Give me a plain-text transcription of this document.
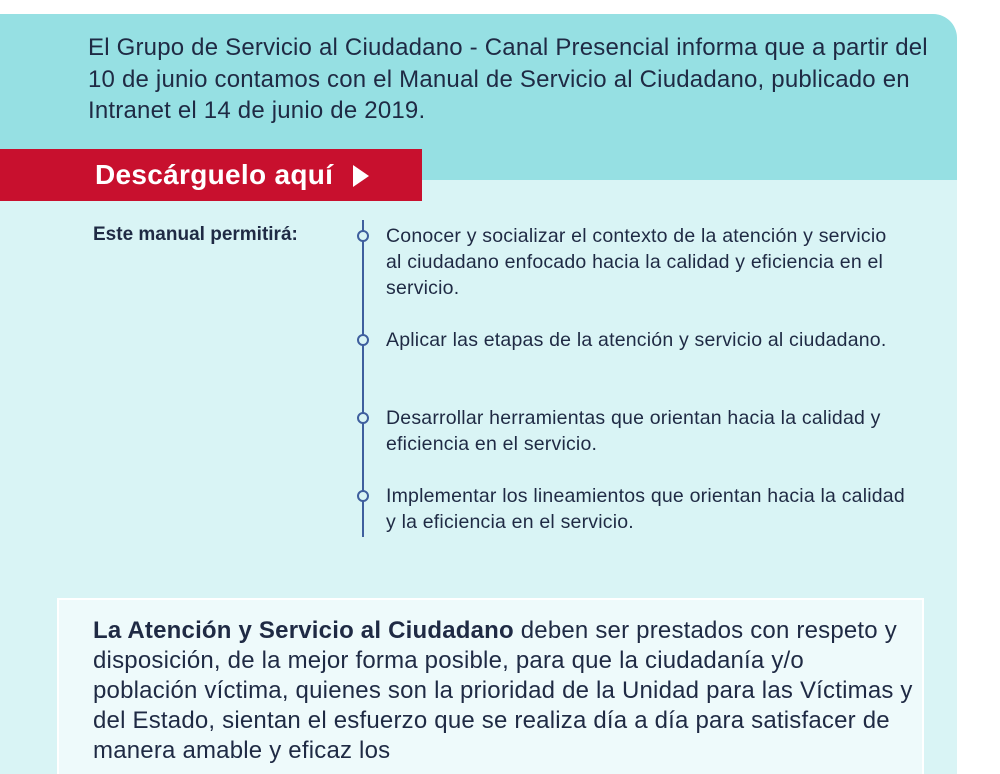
El Grupo de Servicio al Ciudadano - Canal Presencial informa que a partir del 10 de junio contamos con el Manual de Servicio al Ciudadano, publicado en Intranet el 14 de junio de 2019.

Descárguelo aquí
Este manual permitirá:	Conocer y socializar el contexto de la atención y servicio al ciudadano enfocado hacia la calidad y eficiencia en el servicio.

Aplicar las etapas de la atención y servicio al ciudadano.

Desarrollar herramientas que orientan hacia la calidad y eficiencia en el servicio.

Implementar los lineamientos que orientan hacia la calidad y la eficiencia en el servicio.

La Atención y Servicio al Ciudadano deben ser prestados con respeto y disposición, de la mejor forma posible, para que la ciudadanía y/o población víctima, quienes son la prioridad de la Unidad para las Víctimas y del Estado, sientan el esfuerzo que se realiza día a día para satisfacer de manera amable y eficaz los
